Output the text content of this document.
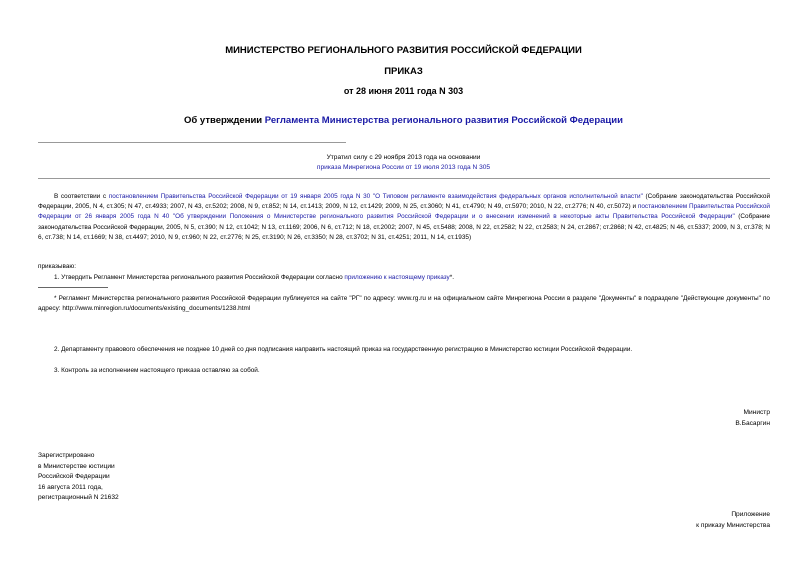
МИНИСТЕРСТВО РЕГИОНАЛЬНОГО РАЗВИТИЯ РОССИЙСКОЙ ФЕДЕРАЦИИ
ПРИКАЗ
от 28 июня 2011 года N 303
Об утверждении Регламента Министерства регионального развития Российской Федерации
Утратил силу с 29 ноября 2013 года на основании
приказа Минрегиона России от 19 июля 2013 года N 305
В соответствии с постановлением Правительства Российской Федерации от 19 января 2005 года N 30 "О Типовом регламенте взаимодействия федеральных органов исполнительной власти" (Собрание законодательства Российской Федерации, 2005, N 4, ст.305; N 47, ст.4933; 2007, N 43, ст.5202; 2008, N 9, ст.852; N 14, ст.1413; 2009, N 12, ст.1429; 2009, N 25, ст.3060; N 41, ст.4790; N 49, ст.5970; 2010, N 22, ст.2776; N 40, ст.5072) и постановлением Правительства Российской Федерации от 26 января 2005 года N 40 "Об утверждении Положения о Министерстве регионального развития Российской Федерации и о внесении изменений в некоторые акты Правительства Российской Федерации" (Собрание законодательства Российской Федерации, 2005, N 5, ст.390; N 12, ст.1042; N 13, ст.1169; 2006, N 6, ст.712; N 18, ст.2002; 2007, N 45, ст.5488; 2008, N 22, ст.2582; N 22, ст.2583; N 24, ст.2867; ст.2868; N 42, ст.4825; N 46, ст.5337; 2009, N 3, ст.378; N 6, ст.738; N 14, ст.1669; N 38, ст.4497; 2010, N 9, ст.960; N 22, ст.2776; N 25, ст.3190; N 26, ст.3350; N 28, ст.3702; N 31, ст.4251; 2011, N 14, ст.1935)
приказываю:
1. Утвердить Регламент Министерства регионального развития Российской Федерации согласно приложению к настоящему приказу*.
* Регламент Министерства регионального развития Российской Федерации публикуется на сайте "РГ" по адресу: www.rg.ru и на официальном сайте Минрегиона России в разделе "Документы" в подразделе "Действующие документы" по адресу: http://www.minregion.ru/documents/existing_documents/1238.html
2. Департаменту правового обеспечения не позднее 10 дней со дня подписания направить настоящий приказ на государственную регистрацию в Министерство юстиции Российской Федерации.
3. Контроль за исполнением настоящего приказа оставляю за собой.
Министр
В.Басаргин
Зарегистрировано
в Министерстве юстиции
Российской Федерации
16 августа 2011 года,
регистрационный N 21632
Приложение
к приказу Министерства
